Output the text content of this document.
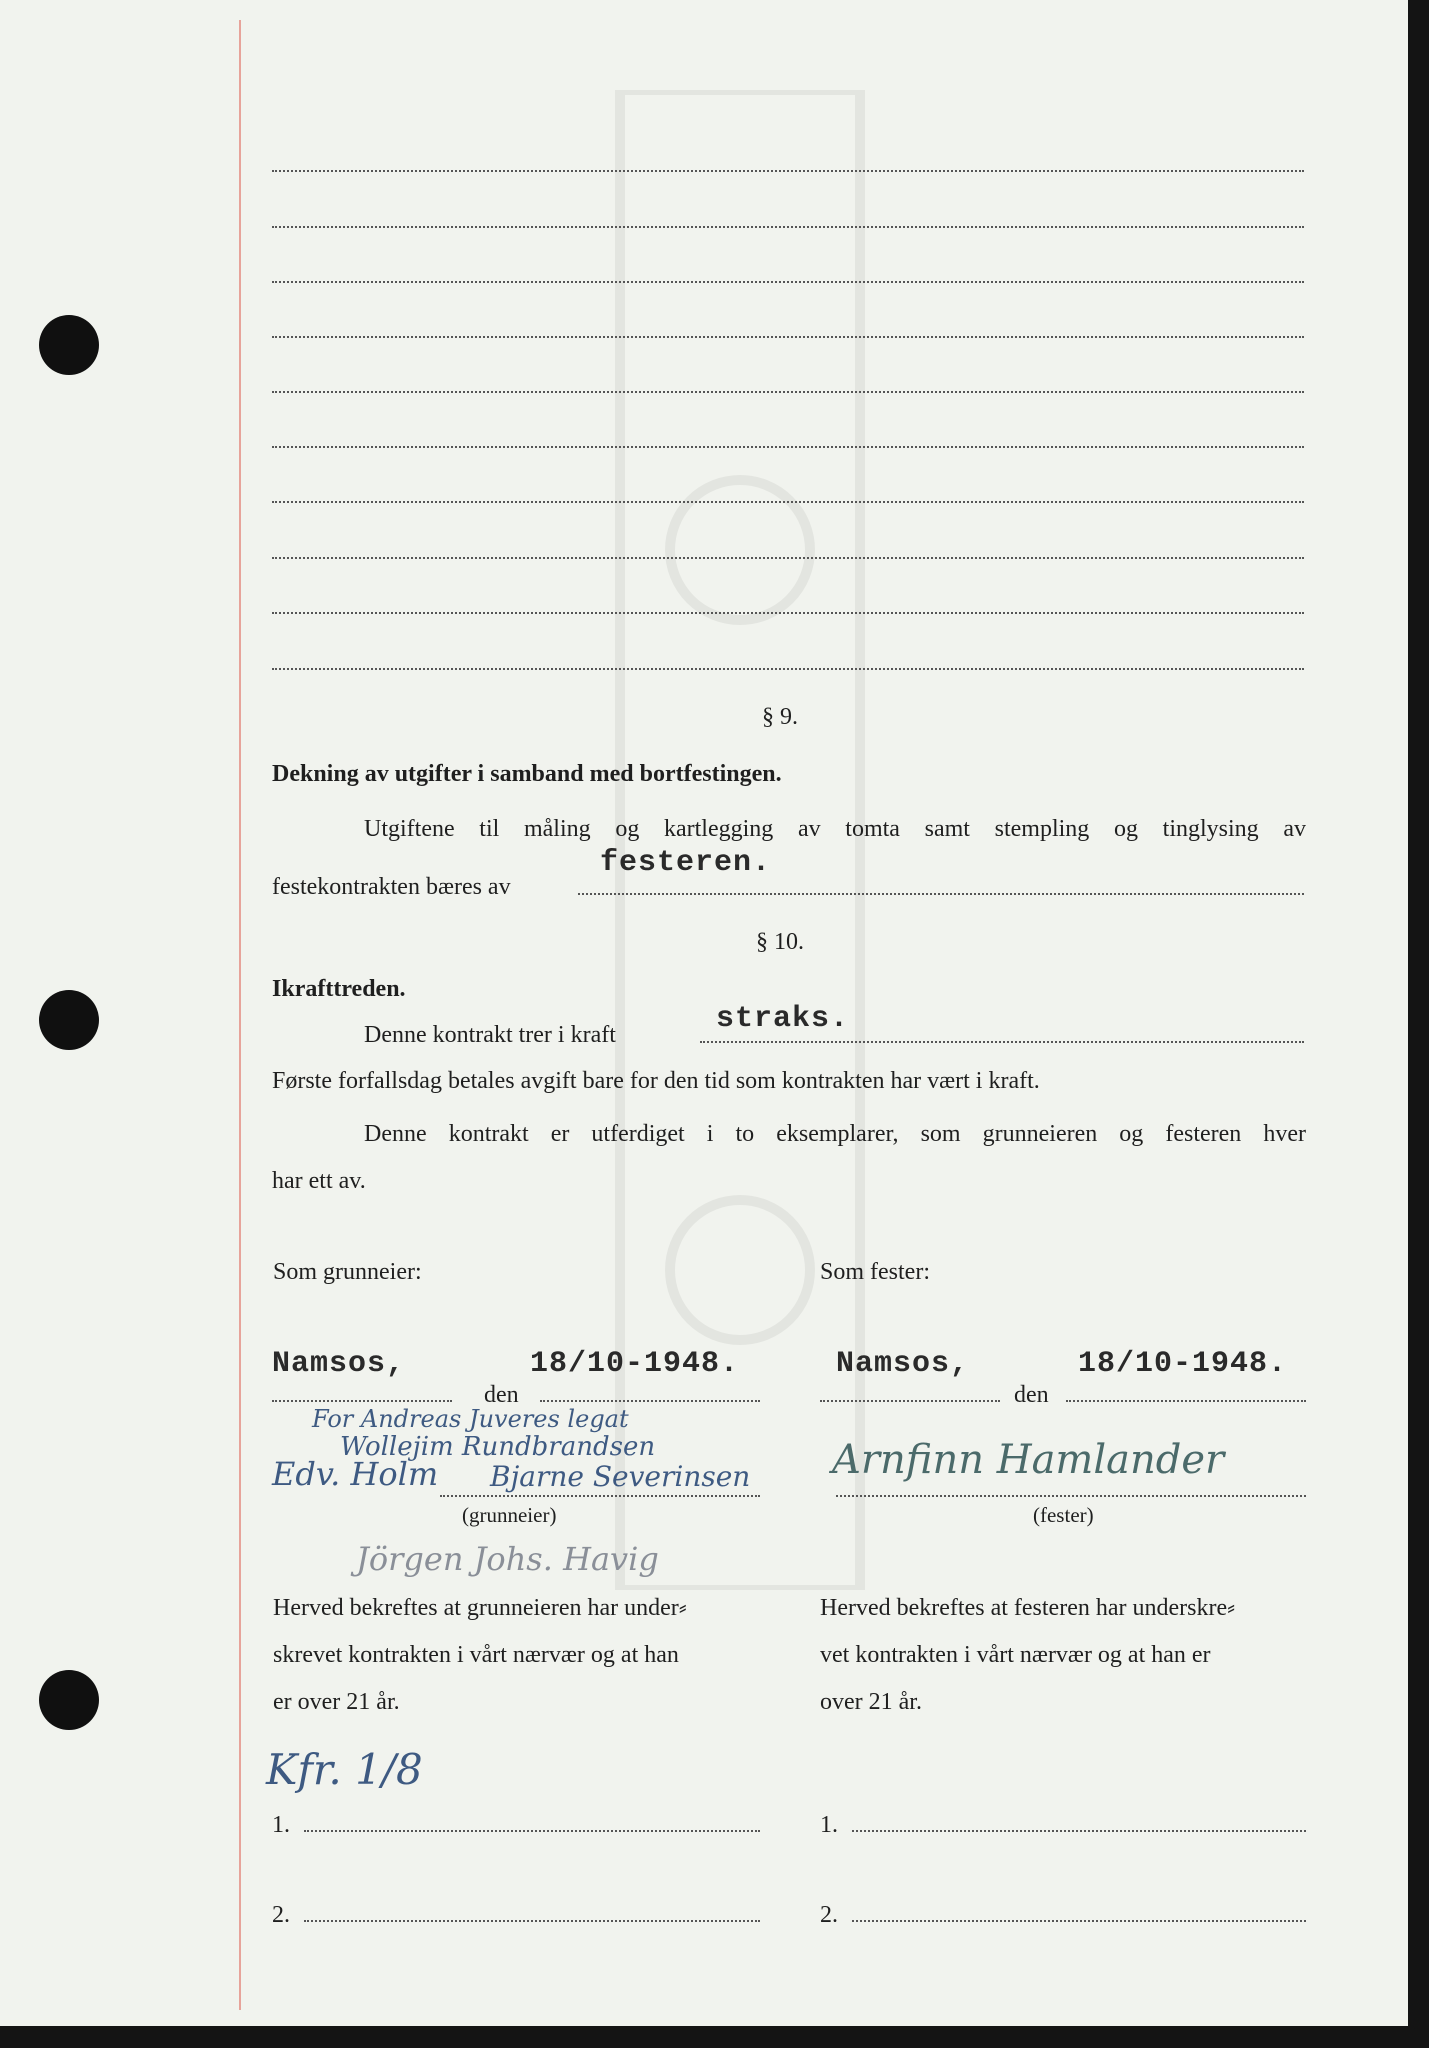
§ 9.
Dekning av utgifter i samband med bortfestingen.
Utgiftene til måling og kartlegging av tomta samt stempling og tinglysing av
festekontrakten bæres av
festeren.
§ 10.
Ikrafttreden.
Denne kontrakt trer i kraft	straks.
Første forfallsdag betales avgift bare for den tid som kontrakten har vært i kraft.
Denne kontrakt er utferdiget i to eksemplarer, som grunneieren og festeren hver
har ett av.
Som grunneier:
Namsos,	18/10-1948.
den
For Andreas Juveres legat
Wollejim Rundbrandsen
Edv. Holm Bjarne Severinsen
(grunneier)
Jörgen Johs. Havig
Herved bekreftes at grunneieren har under⸗
skrevet kontrakten i vårt nærvær og at han
er over 21 år.
Kfr. 1/8
1.
2.
Som fester:
Namsos,	18/10-1948.
den
Arnfinn Hamlander
(fester)
Herved bekreftes at festeren har underskre⸗
vet kontrakten i vårt nærvær og at han er
over 21 år.
1.
2.
